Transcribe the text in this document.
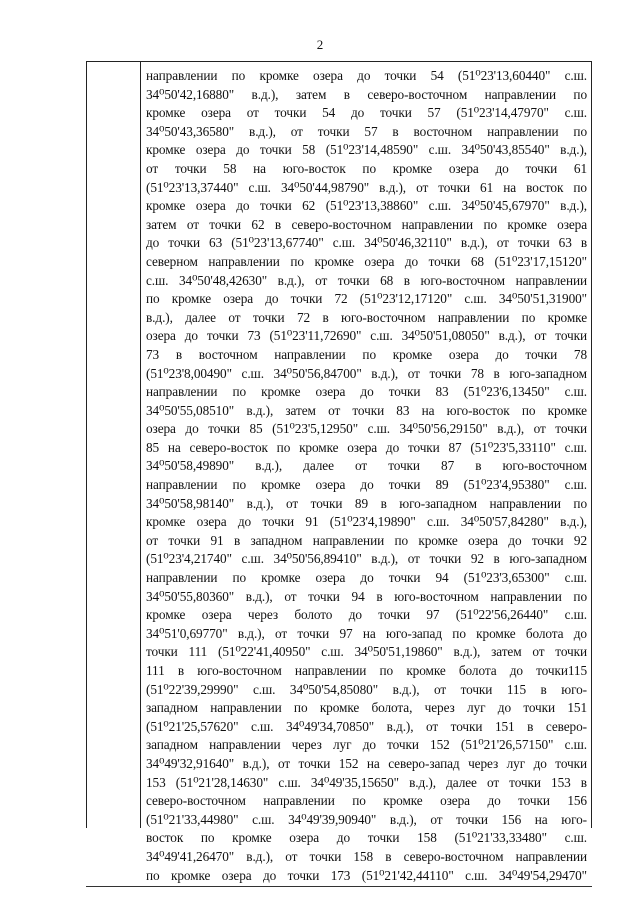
2
направлении по кромке озера до точки 54 (51⁰23'13,60440" с.ш.
34⁰50'42,16880" в.д.), затем в северо-восточном направлении по
кромке озера от точки 54 до точки 57 (51⁰23'14,47970" с.ш.
34⁰50'43,36580" в.д.), от точки 57 в восточном направлении по
кромке озера до точки 58 (51⁰23'14,48590" с.ш. 34⁰50'43,85540" в.д.),
от точки 58 на юго-восток по кромке озера до точки 61
(51⁰23'13,37440" с.ш. 34⁰50'44,98790" в.д.), от точки 61 на восток по
кромке озера до точки 62 (51⁰23'13,38860" с.ш. 34⁰50'45,67970" в.д.),
затем от точки 62 в северо-восточном направлении по кромке озера
до точки 63 (51⁰23'13,67740" с.ш. 34⁰50'46,32110" в.д.), от точки 63 в
северном направлении по кромке озера до точки 68 (51⁰23'17,15120"
с.ш. 34⁰50'48,42630" в.д.), от точки 68 в юго-восточном направлении
по кромке озера до точки 72 (51⁰23'12,17120" с.ш. 34⁰50'51,31900"
в.д.), далее от точки 72 в юго-восточном направлении по кромке
озера до точки 73 (51⁰23'11,72690" с.ш. 34⁰50'51,08050" в.д.), от точки
73 в восточном направлении по кромке озера до точки 78
(51⁰23'8,00490" с.ш. 34⁰50'56,84700" в.д.), от точки 78 в юго-западном
направлении по кромке озера до точки 83 (51⁰23'6,13450" с.ш.
34⁰50'55,08510" в.д.), затем от точки 83 на юго-восток по кромке
озера до точки 85 (51⁰23'5,12950" с.ш. 34⁰50'56,29150" в.д.), от точки
85 на северо-восток по кромке озера до точки 87 (51⁰23'5,33110" с.ш.
34⁰50'58,49890" в.д.), далее от точки 87 в юго-восточном
направлении по кромке озера до точки 89 (51⁰23'4,95380" с.ш.
34⁰50'58,98140" в.д.), от точки 89 в юго-западном направлении по
кромке озера до точки 91 (51⁰23'4,19890" с.ш. 34⁰50'57,84280" в.д.),
от точки 91 в западном направлении по кромке озера до точки 92
(51⁰23'4,21740" с.ш. 34⁰50'56,89410" в.д.), от точки 92 в юго-западном
направлении по кромке озера до точки 94 (51⁰23'3,65300" с.ш.
34⁰50'55,80360" в.д.), от точки 94 в юго-восточном направлении по
кромке озера через болото до точки 97 (51⁰22'56,26440" с.ш.
34⁰51'0,69770" в.д.), от точки 97 на юго-запад по кромке болота до
точки 111 (51⁰22'41,40950" с.ш. 34⁰50'51,19860" в.д.), затем от точки
111 в юго-восточном направлении по кромке болота до точки115
(51⁰22'39,29990" с.ш. 34⁰50'54,85080" в.д.), от точки 115 в юго-
западном направлении по кромке болота, через луг до точки 151
(51⁰21'25,57620" с.ш. 34⁰49'34,70850" в.д.), от точки 151 в северо-
западном направлении через луг до точки 152 (51⁰21'26,57150" с.ш.
34⁰49'32,91640" в.д.), от точки 152 на северо-запад через луг до точки
153 (51⁰21'28,14630" с.ш. 34⁰49'35,15650" в.д.), далее от точки 153 в
северо-восточном направлении по кромке озера до точки 156
(51⁰21'33,44980" с.ш. 34⁰49'39,90940" в.д.), от точки 156 на юго-
восток по кромке озера до точки 158 (51⁰21'33,33480" с.ш.
34⁰49'41,26470" в.д.), от точки 158 в северо-восточном направлении
по кромке озера до точки 173 (51⁰21'42,44110" с.ш. 34⁰49'54,29470"
